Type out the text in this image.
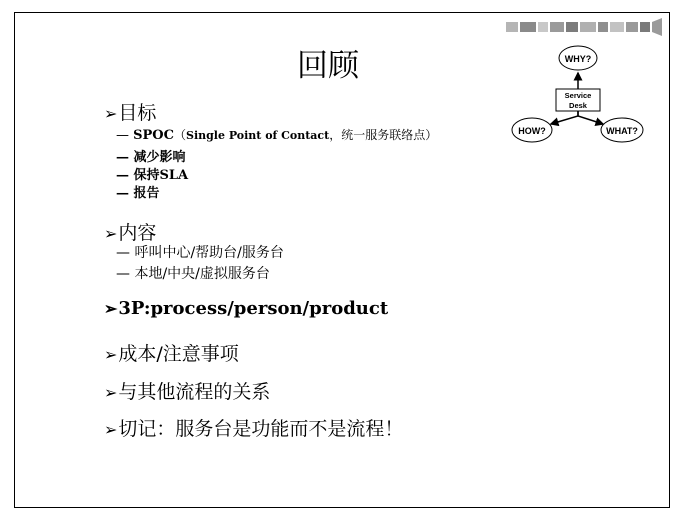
回顾
➢目标
— SPOC（Single Point of Contact，统一服务联络点）
— 减少影响
— 保持SLA
— 报告
➢内容
— 呼叫中心/帮助台/服务台
— 本地/中央/虚拟服务台
➢3P:process/person/product
➢成本/注意事项
➢与其他流程的关系
➢切记：服务台是功能而不是流程！
WHY?
Service
Desk
HOW?	WHAT?
